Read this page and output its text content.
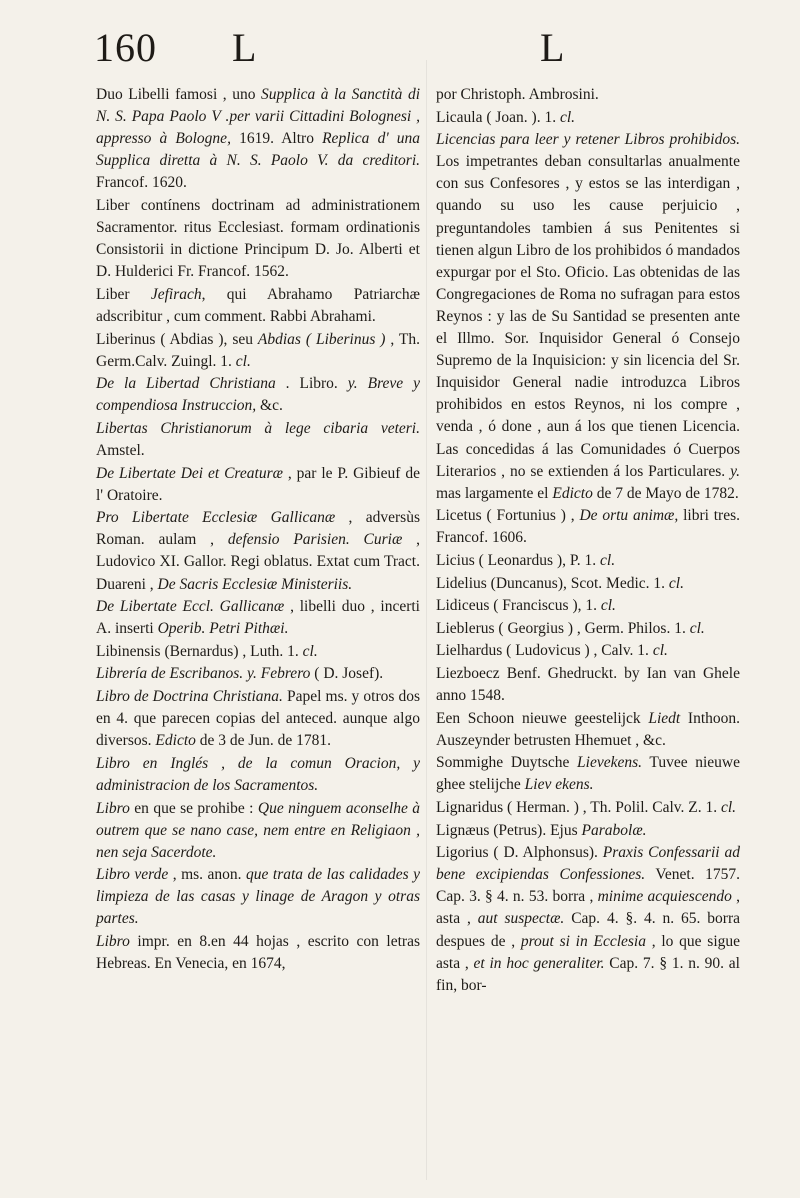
160 L	L

Duo Libelli famosi , uno Supplica à la Sanctità di N. S. Papa Paolo V .per varii Cittadini Bolognesi , appresso à Bologne, 1619. Altro Replica d' una Supplica diretta à N. S. Paolo V. da creditori. Francof. 1620.

Liber contínens doctrinam ad administrationem Sacramentor. ritus Ecclesiast. formam ordinationis Consistorii in dictione Principum D. Jo. Alberti et D. Hulderici Fr. Francof. 1562.

Liber Jefirach, qui Abrahamo Patriarchæ adscribitur , cum comment. Rabbi Abrahami.

Liberinus ( Abdias ), seu Abdias ( Liberinus ) , Th. Germ.Calv. Zuingl. 1. cl.

De la Libertad Christiana . Libro. y. Breve y compendiosa Instruccion, &c.

Libertas Christianorum à lege cibaria veteri. Amstel.

De Libertate Dei et Creaturæ , par le P. Gibieuf de l' Oratoire.

Pro Libertate Ecclesiæ Gallicanæ , adversùs Roman. aulam , defensio Parisien. Curiæ , Ludovico XI. Gallor. Regi oblatus. Extat cum Tract. Duareni , De Sacris Ecclesiæ Ministeriis.

De Libertate Eccl. Gallicanæ , libelli duo , incerti A. inserti Operib. Petri Pithæi.

Libinensis (Bernardus) , Luth. 1. cl.

Librería de Escribanos. y. Febrero ( D. Josef).

Libro de Doctrina Christiana. Papel ms. y otros dos en 4. que parecen copias del anteced. aunque algo diversos. Edicto de 3 de Jun. de 1781.

Libro en Inglés , de la comun Oracion, y administracion de los Sacramentos.

Libro en que se prohibe : Que ninguem aconselhe à outrem que se nano case, nem entre en Religiaon , nen seja Sacerdote.

Libro verde , ms. anon. que trata de las calidades y limpieza de las casas y linage de Aragon y otras partes.

Libro impr. en 8.en 44 hojas , escrito con letras Hebreas. En Venecia, en 1674,

por Christoph. Ambrosini.

Licaula ( Joan. ). 1. cl.

Licencias para leer y retener Libros prohibidos. Los impetrantes deban consultarlas anualmente con sus Confesores , y estos se las interdigan , quando su uso les cause perjuicio , preguntandoles tambien á sus Penitentes si tienen algun Libro de los prohibidos ó mandados expurgar por el Sto. Oficio. Las obtenidas de las Congregaciones de Roma no sufragan para estos Reynos : y las de Su Santidad se presenten ante el Illmo. Sor. Inquisidor General ó Consejo Supremo de la Inquisicion: y sin licencia del Sr. Inquisidor General nadie introduzca Libros prohibidos en estos Reynos, ni los compre , venda , ó done , aun á los que tienen Licencia. Las concedidas á las Comunidades ó Cuerpos Literarios , no se extienden á los Particulares. y. mas largamente el Edicto de 7 de Mayo de 1782.

Licetus ( Fortunius ) , De ortu animæ, libri tres. Francof. 1606.

Licius ( Leonardus ), P. 1. cl.

Lidelius (Duncanus), Scot. Medic. 1. cl.

Lidiceus ( Franciscus ), 1. cl.

Lieblerus ( Georgius ) , Germ. Philos. 1. cl.

Lielhardus ( Ludovicus ) , Calv. 1. cl.

Liezboecz Benf. Ghedruckt. by Ian van Ghele anno 1548.

Een Schoon nieuwe geestelijck Liedt Inthoon. Auszeynder betrusten Hhemuet , &c.

Sommighe Duytsche Lievekens. Tuvee nieuwe ghee stelijche Liev ekens.

Lignaridus ( Herman. ) , Th. Polil. Calv. Z. 1. cl.

Lignæus (Petrus). Ejus Parabolæ.

Ligorius ( D. Alphonsus). Praxis Confessarii ad bene excipiendas Confessiones. Venet. 1757. Cap. 3. § 4. n. 53. borra , minime acquiescendo , asta , aut suspectæ. Cap. 4. §. 4. n. 65. borra despues de , prout si in Ecclesia , lo que sigue asta , et in hoc generaliter. Cap. 7. § 1. n. 90. al fin, bor-
